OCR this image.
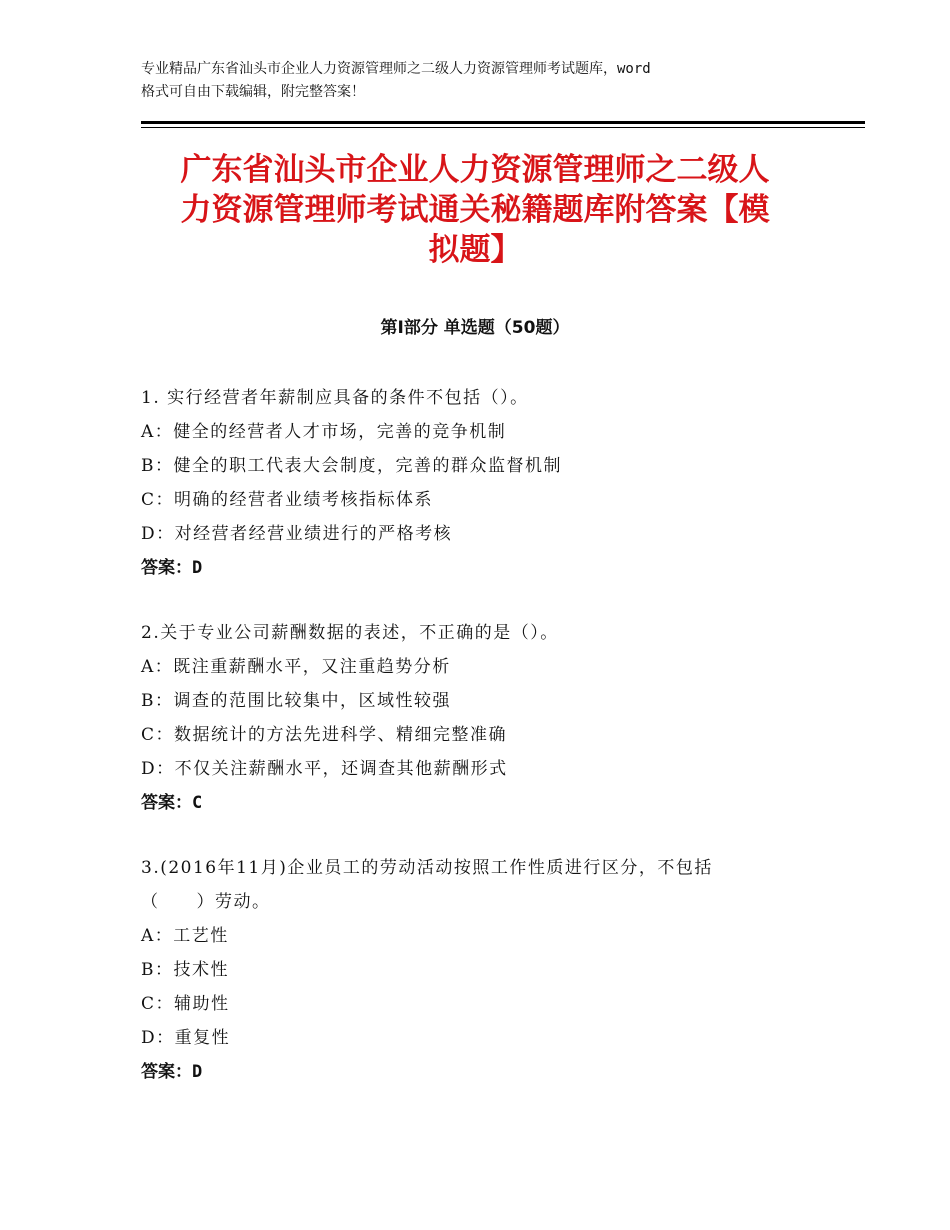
专业精品广东省汕头市企业人力资源管理师之二级人力资源管理师考试题库，word
格式可自由下载编辑，附完整答案！
广东省汕头市企业人力资源管理师之二级人
力资源管理师考试通关秘籍题库附答案【模
拟题】
第Ⅰ部分 单选题（50题）
1. 实行经营者年薪制应具备的条件不包括（）。
A：健全的经营者人才市场，完善的竞争机制
B：健全的职工代表大会制度，完善的群众监督机制
C：明确的经营者业绩考核指标体系
D：对经营者经营业绩进行的严格考核
答案：D
2.关于专业公司薪酬数据的表述，不正确的是（）。
A：既注重薪酬水平，又注重趋势分析
B：调查的范围比较集中，区域性较强
C：数据统计的方法先进科学、精细完整准确
D：不仅关注薪酬水平，还调查其他薪酬形式
答案：C
3.(2016年11月)企业员工的劳动活动按照工作性质进行区分，不包括
（　　）劳动。
A：工艺性
B：技术性
C：辅助性
D：重复性
答案：D
